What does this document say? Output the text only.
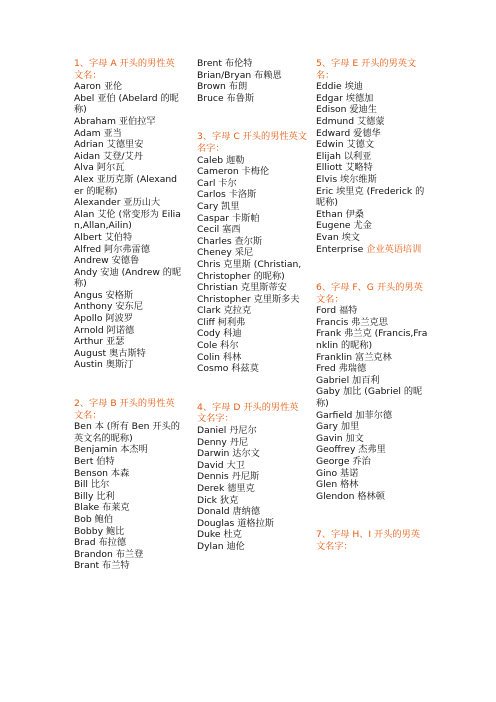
1、字母 A 开头的男性英文名：
Aaron 亚伦
Abel 亚伯 (Abelard 的昵称)
Abraham 亚伯拉罕
Adam 亚当
Adrian 艾德里安
Aidan 艾登/艾丹
Alva 阿尔瓦
Alex 亚历克斯 (Alexander 的昵称)
Alexander 亚历山大
Alan 艾伦 (常变形为 Eilian,Allan,Ailin)
Albert 艾伯特
Alfred 阿尔弗雷德
Andrew 安德鲁
Andy 安迪 (Andrew 的昵称)
Angus 安格斯
Anthony 安东尼
Apollo 阿波罗
Arnold 阿诺德
Arthur 亚瑟
August 奥古斯特
Austin 奥斯汀
2、字母 B 开头的男性英文名：
Ben 本 (所有 Ben 开头的英文名的昵称)
Benjamin 本杰明
Bert 伯特
Benson 本森
Bill 比尔
Billy 比利
Blake 布莱克
Bob 鲍伯
Bobby 鲍比
Brad 布拉德
Brandon 布兰登
Brant 布兰特
Brent 布伦特
Brian/Bryan 布赖恩
Brown 布朗
Bruce 布鲁斯
3、字母 C 开头的男性英文名字：
Caleb 迦勒
Cameron 卡梅伦
Carl 卡尔
Carlos 卡洛斯
Cary 凯里
Caspar 卡斯帕
Cecil 塞西
Charles 查尔斯
Cheney 采尼
Chris 克里斯 (Christian,Christopher 的昵称)
Christian 克里斯蒂安
Christopher 克里斯多夫
Clark 克拉克
Cliff 柯利弗
Cody 科迪
Cole 科尔
Colin 科林
Cosmo 科兹莫
4、字母 D 开头的男性英文名字：
Daniel 丹尼尔
Denny 丹尼
Darwin 达尔文
David 大卫
Dennis 丹尼斯
Derek 德里克
Dick 狄克
Donald 唐纳德
Douglas 道格拉斯
Duke 杜克
Dylan 迪伦
5、字母 E 开头的男英文名：
Eddie 埃迪
Edgar 埃德加
Edison 爱迪生
Edmund 艾德蒙
Edward 爱德华
Edwin 艾德文
Elijah 以利亚
Elliott 艾略特
Elvis 埃尔维斯
Eric 埃里克 (Frederick 的昵称)
Ethan 伊桑
Eugene 尤金
Evan 埃文
Enterprise 企业英语培训
6、字母 F、G 开头的男英文名：
Ford 福特
Francis 弗兰克思
Frank 弗兰克 (Francis,Franklin 的昵称)
Franklin 富兰克林
Fred 弗瑞德
Gabriel 加百利
Gaby 加比 (Gabriel 的昵称)
Garfield 加菲尔德
Gary 加里
Gavin 加文
Geoffrey 杰弗里
George 乔治
Gino 基诺
Glen 格林
Glendon 格林顿
7、字母 H、I 开头的男英文名字：
